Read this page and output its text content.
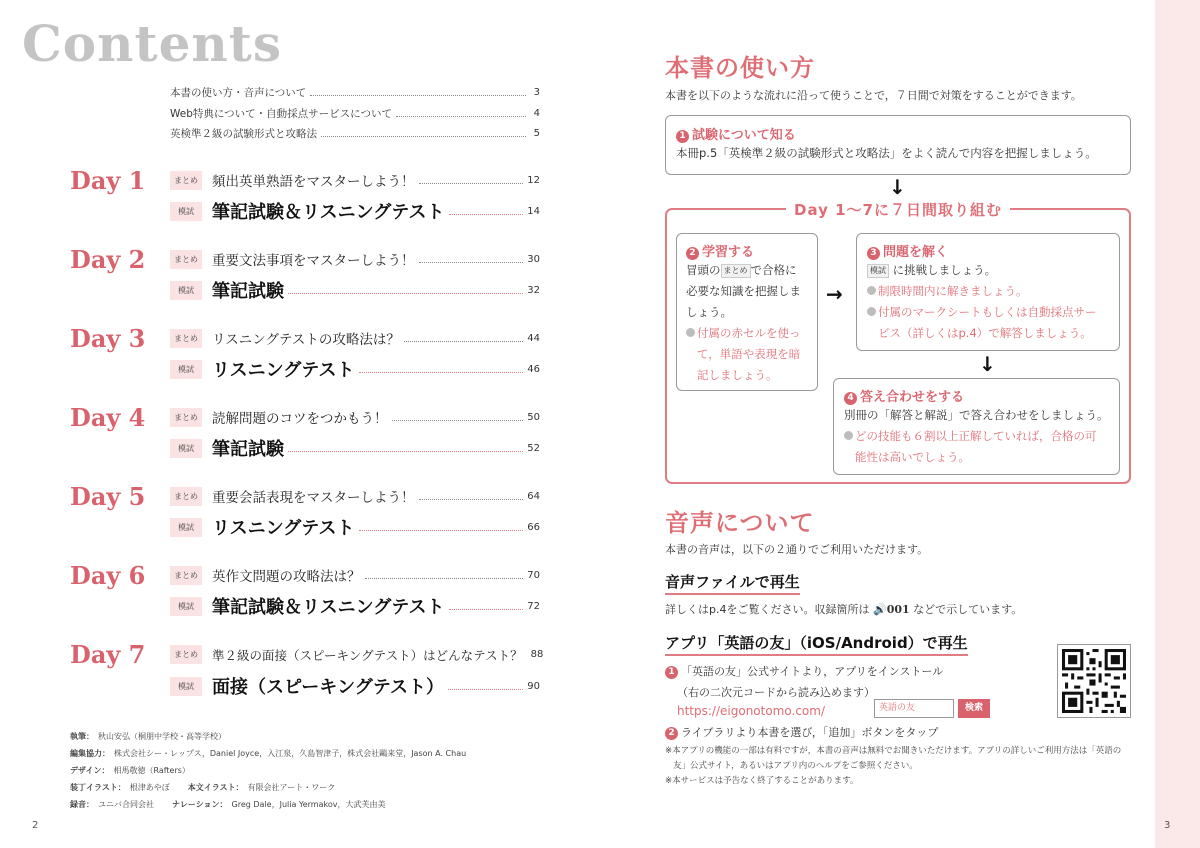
Contents
本書の使い方・音声について	3
Web特典について・自動採点サービスについて	4
英検準２級の試験形式と攻略法	5
Day 1	まとめ 頻出英単熟語をマスターしよう！	12
模試	筆記試験＆リスニングテスト	14
Day 2	まとめ 重要文法事項をマスターしよう！	30
模試	筆記試験	32
Day 3	まとめ リスニングテストの攻略法は？	44
模試	リスニングテスト	46
Day 4	まとめ 読解問題のコツをつかもう！	50
模試	筆記試験	52
Day 5	まとめ 重要会話表現をマスターしよう！	64
模試	リスニングテスト	66
Day 6	まとめ 英作文問題の攻略法は？	70
模試	筆記試験＆リスニングテスト	72
Day 7	まとめ	準２級の面接（スピーキングテスト）はどんなテスト？ 88
模試	面接（スピーキングテスト）	90
執筆： 秋山安弘（桐朋中学校・高等学校）
編集協力： 株式会社シー・レップス，Daniel Joyce，入江泉，久島智津子，株式会社鷗来堂，Jason A. Chau
デザイン： 相馬敬徳（Rafters）
装丁イラスト： 根津あやぼ 本文イラスト： 有限会社アート・ワーク
録音： ユニバ合同会社 ナレーション： Greg Dale，Julia Yermakov，大武芙由美
2
本書の使い方
本書を以下のような流れに沿って使うことで，７日間で対策をすることができます。
1 試験について知る
本冊p.5「英検準２級の試験形式と攻略法」をよく読んで内容を把握しましょう。
↓
Day 1〜7に７日間取り組む
2 学習する
冒頭の まとめ で合格に
必要な知識を把握しま
しょう。
付属の赤セルを使っ
て，単語や表現を暗
記しましょう。
→
3 問題を解く
模試 に挑戦しましょう。
制限時間内に解きましょう。
付属のマークシートもしくは自動採点サー
ビス（詳しくはp.4）で解答しましょう。
↓
4 答え合わせをする
別冊の「解答と解説」で答え合わせをしましょう。
どの技能も６割以上正解していれば，合格の可
能性は高いでしょう。
音声について
本書の音声は，以下の２通りでご利用いただけます。
音声ファイルで再生
詳しくはp.4をご覧ください。収録箇所は 🔊001 などで示しています。
アプリ「英語の友」（iOS/Android）で再生
1 「英語の友」公式サイトより，アプリをインストール
（右の二次元コードから読み込めます）
https://eigonotomo.com/	英語の友	検索
2 ライブラリより本書を選び，「追加」ボタンをタップ
※本アプリの機能の一部は有料ですが，本書の音声は無料でお聞きいただけます。アプリの詳しいご利用方法は「英語の
友」公式サイト，あるいはアプリ内のヘルプをご参照ください。
※本サービスは予告なく終了することがあります。
3
